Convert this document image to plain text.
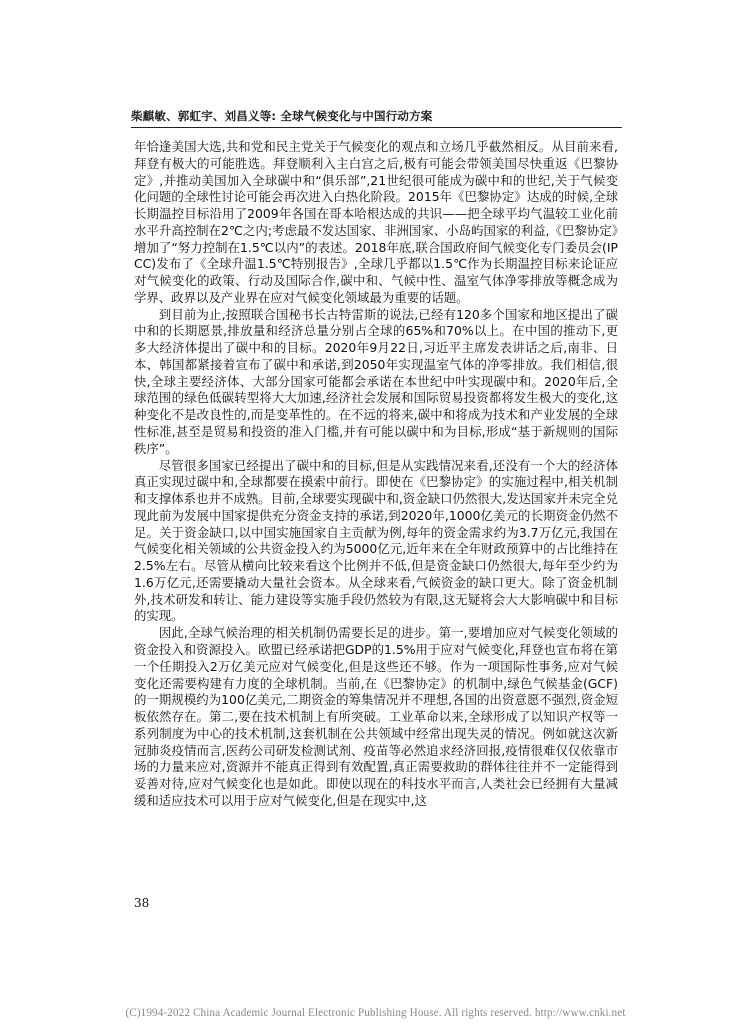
柴麒敏、郭虹宇、刘昌义等: 全球气候变化与中国行动方案

年恰逢美国大选,共和党和民主党关于气候变化的观点和立场几乎截然相反。从目前来看,拜登有极大的可能胜选。拜登顺利入主白宫之后,极有可能会带领美国尽快重返《巴黎协定》,并推动美国加入全球碳中和“俱乐部”,21世纪很可能成为碳中和的世纪,关于气候变化问题的全球性讨论可能会再次进入白热化阶段。2015年《巴黎协定》达成的时候,全球长期温控目标沿用了2009年各国在哥本哈根达成的共识——把全球平均气温较工业化前水平升高控制在2℃之内;考虑最不发达国家、非洲国家、小岛屿国家的利益,《巴黎协定》增加了“努力控制在1.5℃以内”的表述。2018年底,联合国政府间气候变化专门委员会(IPCC)发布了《全球升温1.5℃特别报告》,全球几乎都以1.5℃作为长期温控目标来论证应对气候变化的政策、行动及国际合作,碳中和、气候中性、温室气体净零排放等概念成为学界、政界以及产业界在应对气候变化领域最为重要的话题。

到目前为止,按照联合国秘书长古特雷斯的说法,已经有120多个国家和地区提出了碳中和的长期愿景,排放量和经济总量分别占全球的65%和70%以上。在中国的推动下,更多大经济体提出了碳中和的目标。2020年9月22日,习近平主席发表讲话之后,南非、日本、韩国都紧接着宣布了碳中和承诺,到2050年实现温室气体的净零排放。我们相信,很快,全球主要经济体、大部分国家可能都会承诺在本世纪中叶实现碳中和。2020年后,全球范围的绿色低碳转型将大大加速,经济社会发展和国际贸易投资都将发生极大的变化,这种变化不是改良性的,而是变革性的。在不远的将来,碳中和将成为技术和产业发展的全球性标准,甚至是贸易和投资的准入门槛,并有可能以碳中和为目标,形成“基于新规则的国际秩序”。

尽管很多国家已经提出了碳中和的目标,但是从实践情况来看,还没有一个大的经济体真正实现过碳中和,全球都要在摸索中前行。即使在《巴黎协定》的实施过程中,相关机制和支撑体系也并不成熟。目前,全球要实现碳中和,资金缺口仍然很大,发达国家并未完全兑现此前为发展中国家提供充分资金支持的承诺,到2020年,1000亿美元的长期资金仍然不足。关于资金缺口,以中国实施国家自主贡献为例,每年的资金需求约为3.7万亿元,我国在气候变化相关领域的公共资金投入约为5000亿元,近年来在全年财政预算中的占比维持在2.5%左右。尽管从横向比较来看这个比例并不低,但是资金缺口仍然很大,每年至少约为1.6万亿元,还需要撬动大量社会资本。从全球来看,气候资金的缺口更大。除了资金机制外,技术研发和转让、能力建设等实施手段仍然较为有限,这无疑将会大大影响碳中和目标的实现。

因此,全球气候治理的相关机制仍需要长足的进步。第一,要增加应对气候变化领域的资金投入和资源投入。欧盟已经承诺把GDP的1.5%用于应对气候变化,拜登也宣布将在第一个任期投入2万亿美元应对气候变化,但是这些还不够。作为一项国际性事务,应对气候变化还需要构建有力度的全球机制。当前,在《巴黎协定》的机制中,绿色气候基金(GCF)的一期规模约为100亿美元,二期资金的筹集情况并不理想,各国的出资意愿不强烈,资金短板依然存在。第二,要在技术机制上有所突破。工业革命以来,全球形成了以知识产权等一系列制度为中心的技术机制,这套机制在公共领域中经常出现失灵的情况。例如就这次新冠肺炎疫情而言,医药公司研发检测试剂、疫苗等必然追求经济回报,疫情很难仅仅依靠市场的力量来应对,资源并不能真正得到有效配置,真正需要救助的群体往往并不一定能得到妥善对待,应对气候变化也是如此。即使以现在的科技水平而言,人类社会已经拥有大量减缓和适应技术可以用于应对气候变化,但是在现实中,这

38
(C)1994-2022 China Academic Journal Electronic Publishing House. All rights reserved. http://www.cnki.net
